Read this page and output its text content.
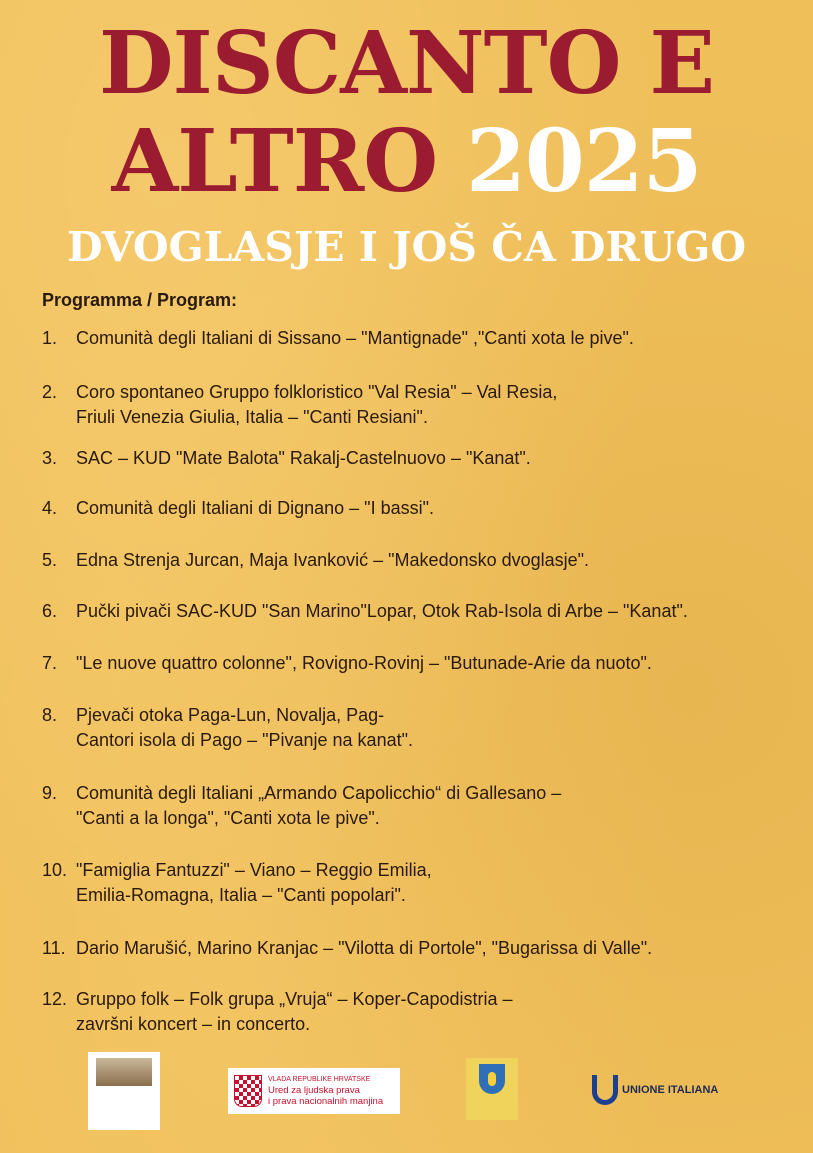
DISCANTO E
ALTRO 2025
DVOGLASJE I JOŠ ČA DRUGO
Programma / Program:
1.	Comunità degli Italiani di Sissano – "Mantignade" ,"Canti xota le pive".
2.	Coro spontaneo Gruppo folkloristico "Val Resia" – Val Resia,
Friuli Venezia Giulia, Italia – "Canti Resiani".
3.	SAC – KUD "Mate Balota" Rakalj-Castelnuovo – "Kanat".
4.	Comunità degli Italiani di Dignano – "I bassi".
5.	Edna Strenja Jurcan, Maja Ivanković – "Makedonsko dvoglasje".
6.	Pučki pivači SAC-KUD "San Marino"Lopar, Otok Rab-Isola di Arbe – "Kanat".
7.	"Le nuove quattro colonne", Rovigno-Rovinj – "Butunade-Arie da nuoto".
8.	Pjevači otoka Paga-Lun, Novalja, Pag-
Cantori isola di Pago – "Pivanje na kanat".
9.	Comunità degli Italiani „Armando Capolicchio“ di Gallesano –
"Canti a la longa", "Canti xota le pive".
10. "Famiglia Fantuzzi" – Viano – Reggio Emilia,
Emilia-Romagna, Italia – "Canti popolari".
11. Dario Marušić, Marino Kranjac – "Vilotta di Portole", "Bugarissa di Valle".
12. Gruppo folk – Folk grupa „Vruja“ – Koper-Capodistria –
završni koncert – in concerto.
VLADA REPUBLIKE HRVATSKE
Ured za ljudska prava
i prava nacionalnih manjina
UNIONE ITALIANA
